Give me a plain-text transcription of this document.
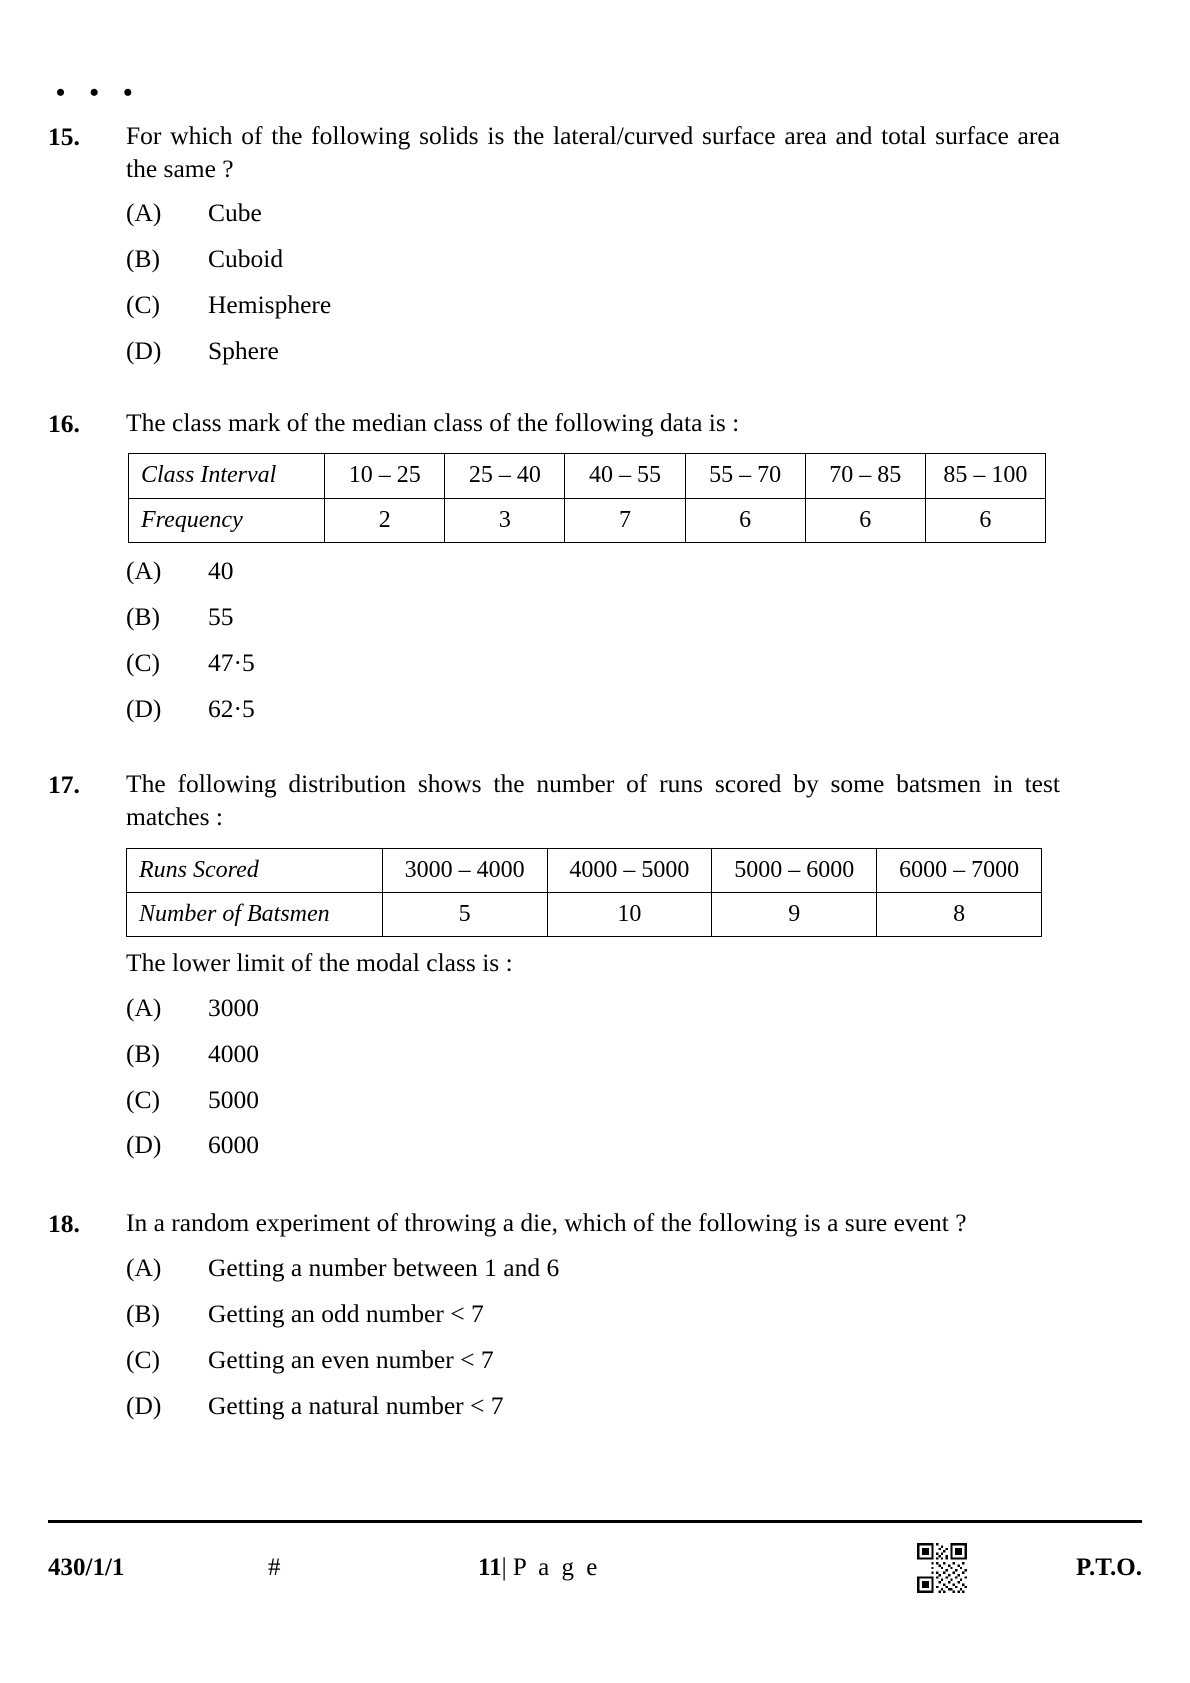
• • •
15.	For which of the following solids is the lateral/curved surface area and total surface area the same ?
(A)	Cube
(B)	Cuboid
(C)	Hemisphere
(D)	Sphere
16.	The class mark of the median class of the following data is :
Class Interval	10 – 25	25 – 40	40 – 55	55 – 70	70 – 85	85 – 100
Frequency	2	3	7	6	6	6
(A)	40
(B)	55
(C)	47·5
(D)	62·5
17.	The following distribution shows the number of runs scored by some batsmen in test matches :
Runs Scored	3000 – 4000	4000 – 5000	5000 – 6000	6000 – 7000
Number of Batsmen	5	10	9	8
The lower limit of the modal class is :
(A)	3000
(B)	4000
(C)	5000
(D)	6000
18.	In a random experiment of throwing a die, which of the following is a sure event ?
(A)	Getting a number between 1 and 6
(B)	Getting an odd number < 7
(C)	Getting an even number < 7
(D)	Getting a natural number < 7
430/1/1	#	11| P a g e	P.T.O.
